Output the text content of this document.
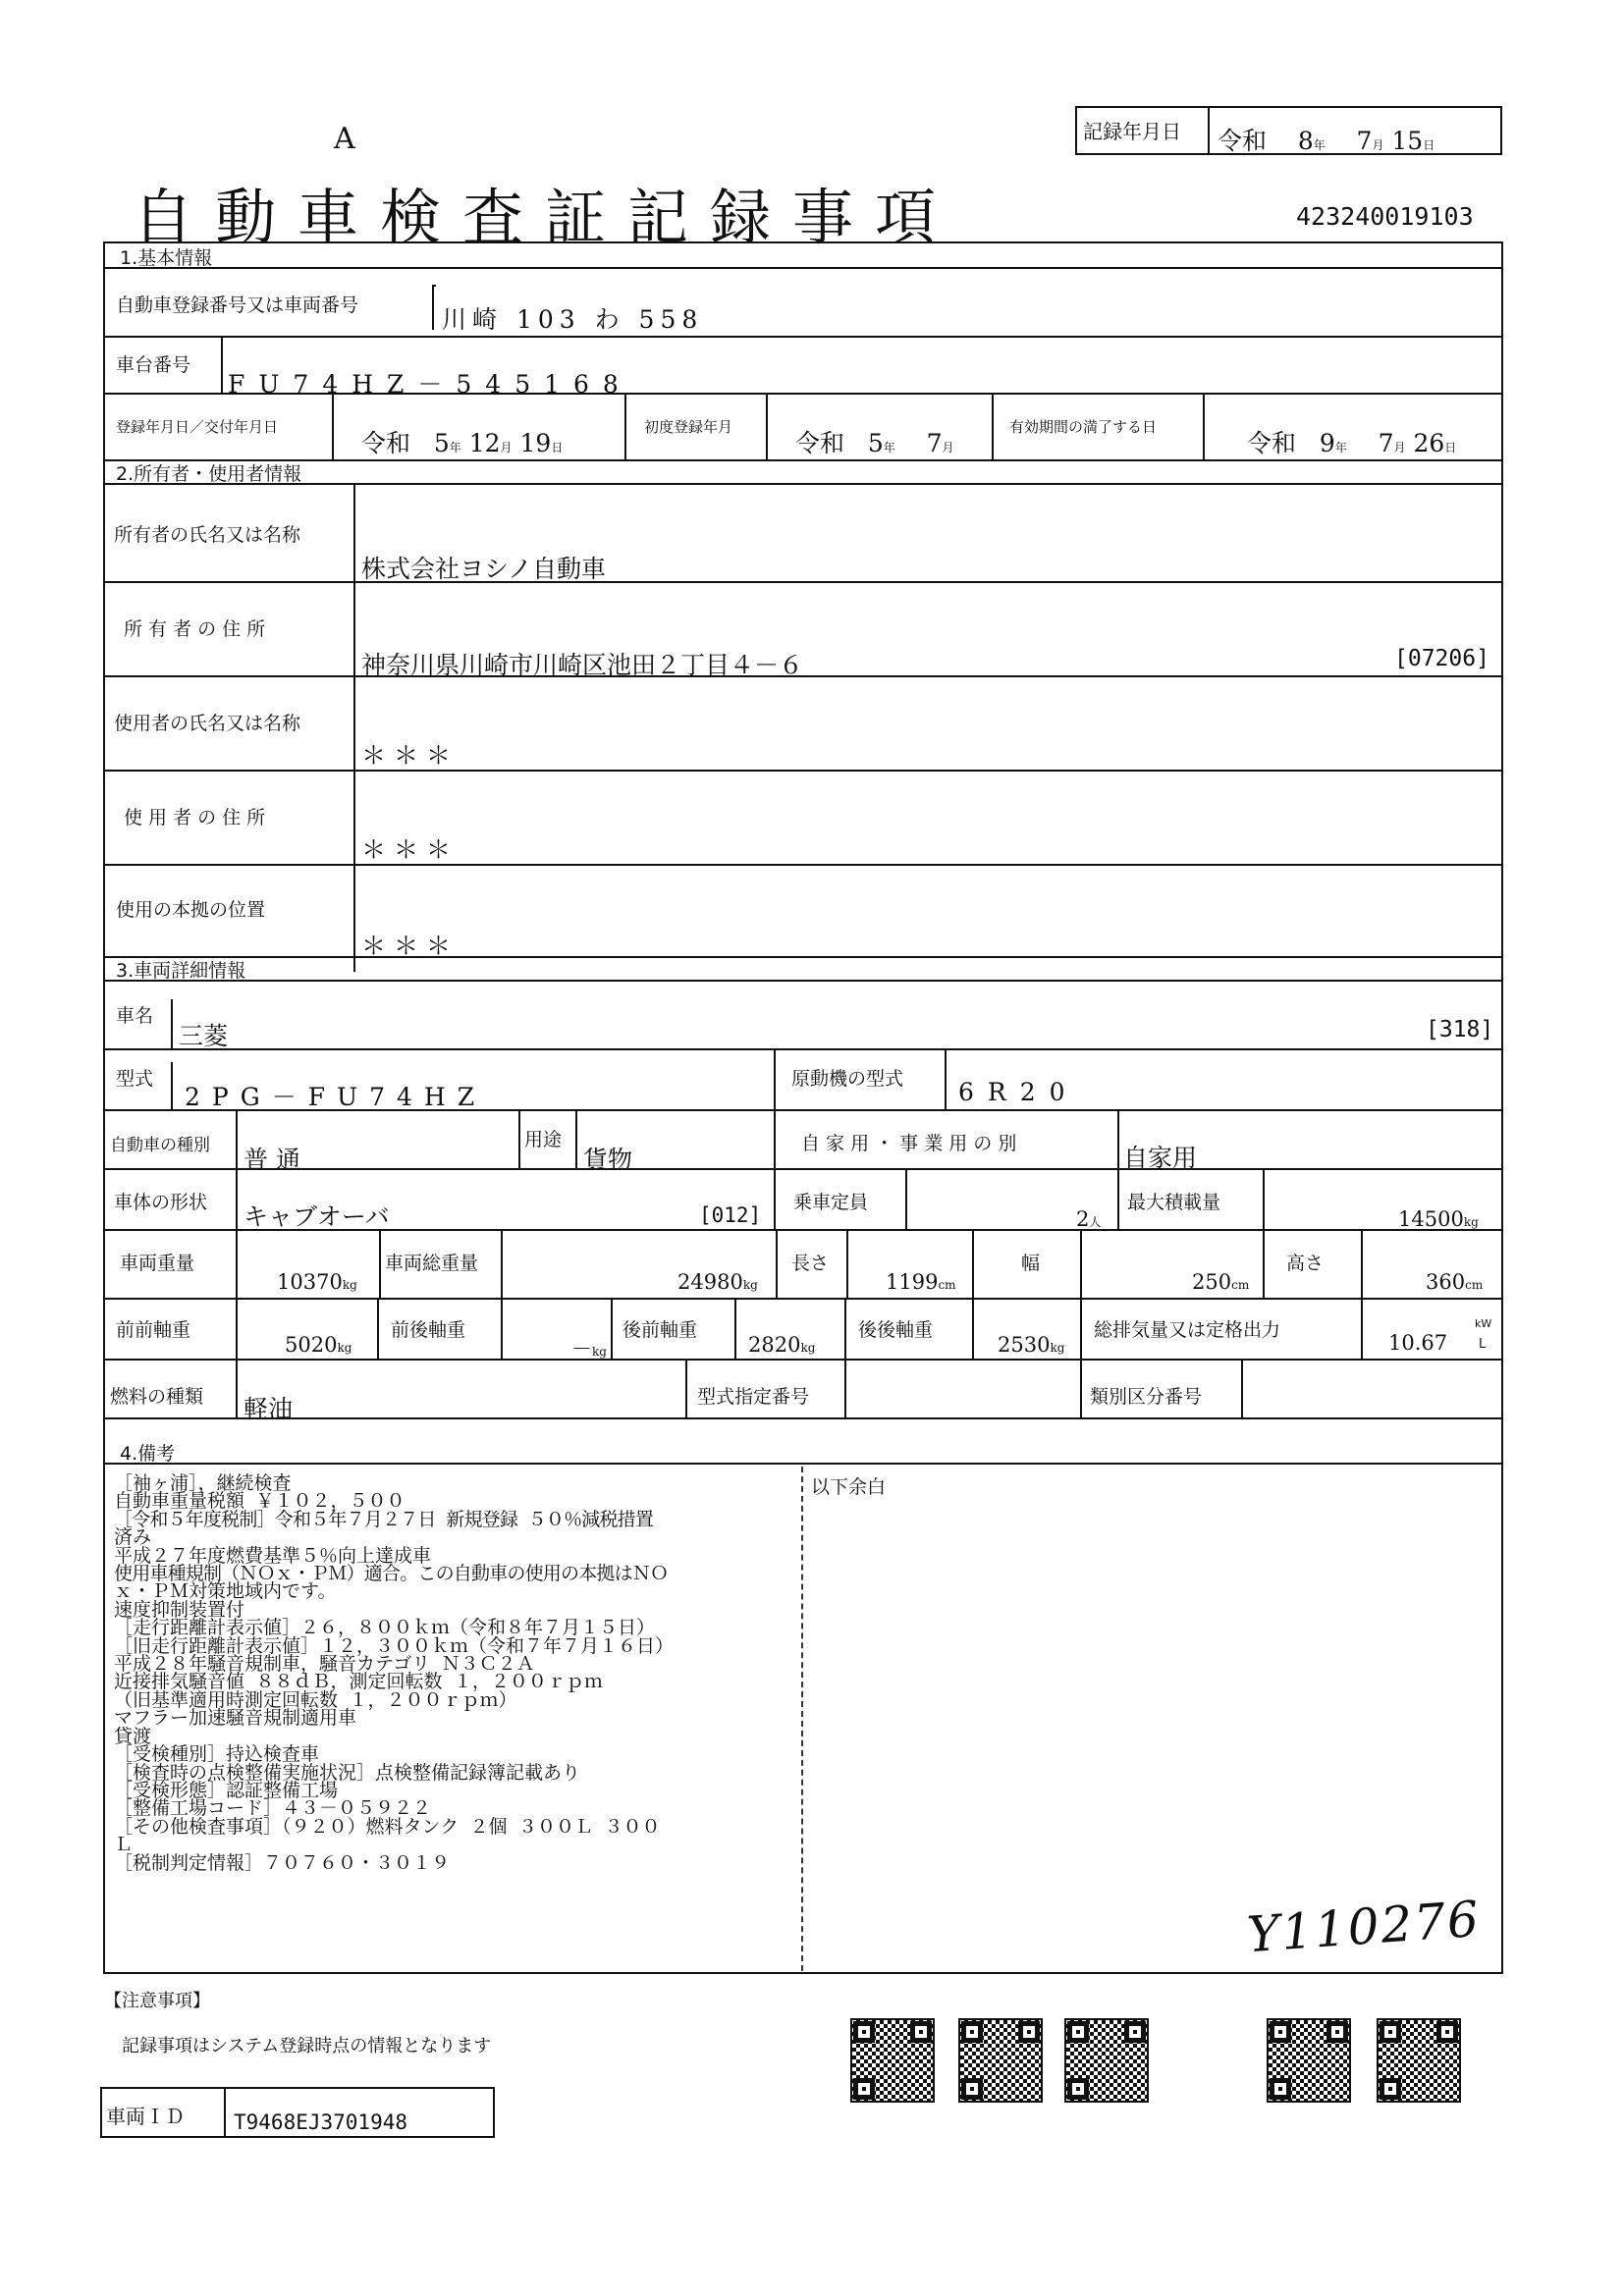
A
自動車検査証記録事項
記録年月日 令和 8年 7月 15日
423240019103
1.基本情報
自動車登録番号又は車両番号	川崎 103 わ 558
車台番号
FU74HZ－545168
登録年月日／交付年月日
令和 5年 12月 19日
初度登録年月
令和 5年 7月
有効期間の満了する日
令和 9年 7月 26日
2.所有者・使用者情報
所有者の氏名又は名称
株式会社ヨシノ自動車
所 有 者 の 住 所
神奈川県川崎市川崎区池田２丁目４－６	[07206]
使用者の氏名又は名称
＊＊＊
使 用 者 の 住 所
＊＊＊
使用の本拠の位置
＊＊＊
3.車両詳細情報
車名
三菱	[318]
型式
2PG－FU74HZ
原動機の型式 6R20
自動車の種別 普 通
用途
貨物
自 家 用 ・ 事 業 用 の 別	自家用
車体の形状 キャブオーバ	[012]
乗車定員
2人
最大積載量
14500kg
車両重量
10370kg
車両総重量
24980kg
長さ
1199cm
幅
250cm
高さ
360cm
前前軸重
5020kg
前後軸重
－kg
後前軸重
2820kg
後後軸重
2530kg
総排気量又は定格出力
10.67
kW
L
燃料の種類 軽油	型式指定番号	類別区分番号
4.備考
［袖ヶ浦］，継続検査
自動車重量税額 ￥１０２，５００
［令和５年度税制］令和５年７月２７日 新規登録 ５０％減税措置
済み
平成２７年度燃費基準５％向上達成車
使用車種規制（ＮＯｘ・ＰＭ）適合。この自動車の使用の本拠はＮＯ
ｘ・ＰＭ対策地域内です。
速度抑制装置付
［走行距離計表示値］２６，８００ｋｍ（令和８年７月１５日）
［旧走行距離計表示値］１２，３００ｋｍ（令和７年７月１６日）
平成２８年騒音規制車，騒音カテゴリ Ｎ３Ｃ２Ａ
近接排気騒音値 ８８ｄＢ，測定回転数 １，２００ｒｐｍ
（旧基準適用時測定回転数 １，２００ｒｐｍ）
マフラー加速騒音規制適用車
貸渡
［受検種別］持込検査車
［検査時の点検整備実施状況］点検整備記録簿記載あり
［受検形態］認証整備工場
［整備工場コード］４３－０５９２２
［その他検査事項］（９２０）燃料タンク ２個 ３００Ｌ ３００
Ｌ
［税制判定情報］７０７６０・３０１９
以下余白
Y110276
【注意事項】
記録事項はシステム登録時点の情報となります
車両ＩＤ T9468EJ3701948
